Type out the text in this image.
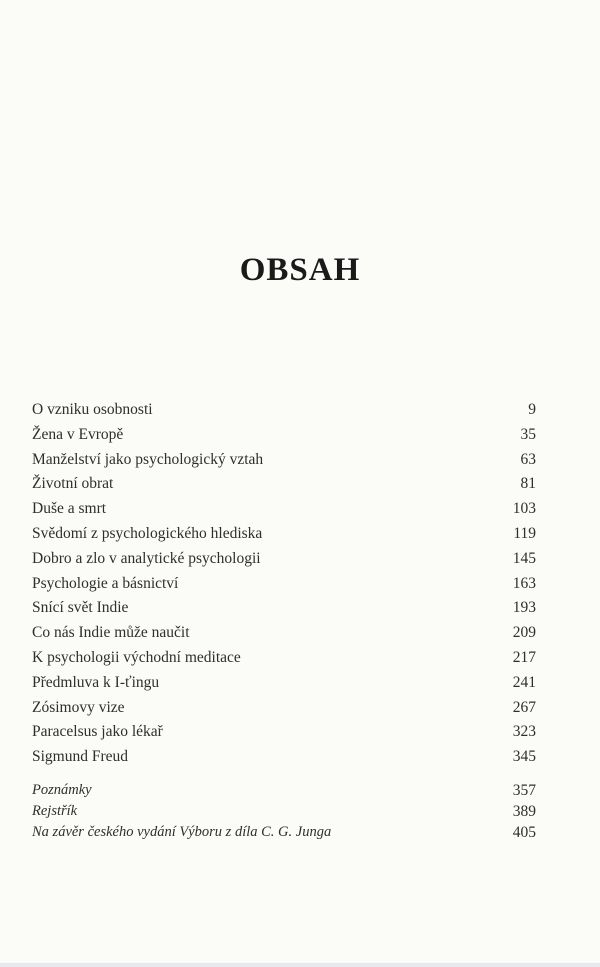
OBSAH
O vzniku osobnosti	9
Žena v Evropě	35
Manželství jako psychologický vztah	63
Životní obrat	81
Duše a smrt	103
Svědomí z psychologického hlediska	119
Dobro a zlo v analytické psychologii	145
Psychologie a básnictví	163
Snící svět Indie	193
Co nás Indie může naučit	209
K psychologii východní meditace	217
Předmluva k I-ťingu	241
Zósimovy vize	267
Paracelsus jako lékař	323
Sigmund Freud	345
Poznámky	357
Rejstřík	389
Na závěr českého vydání Výboru z díla C. G. Junga	405
